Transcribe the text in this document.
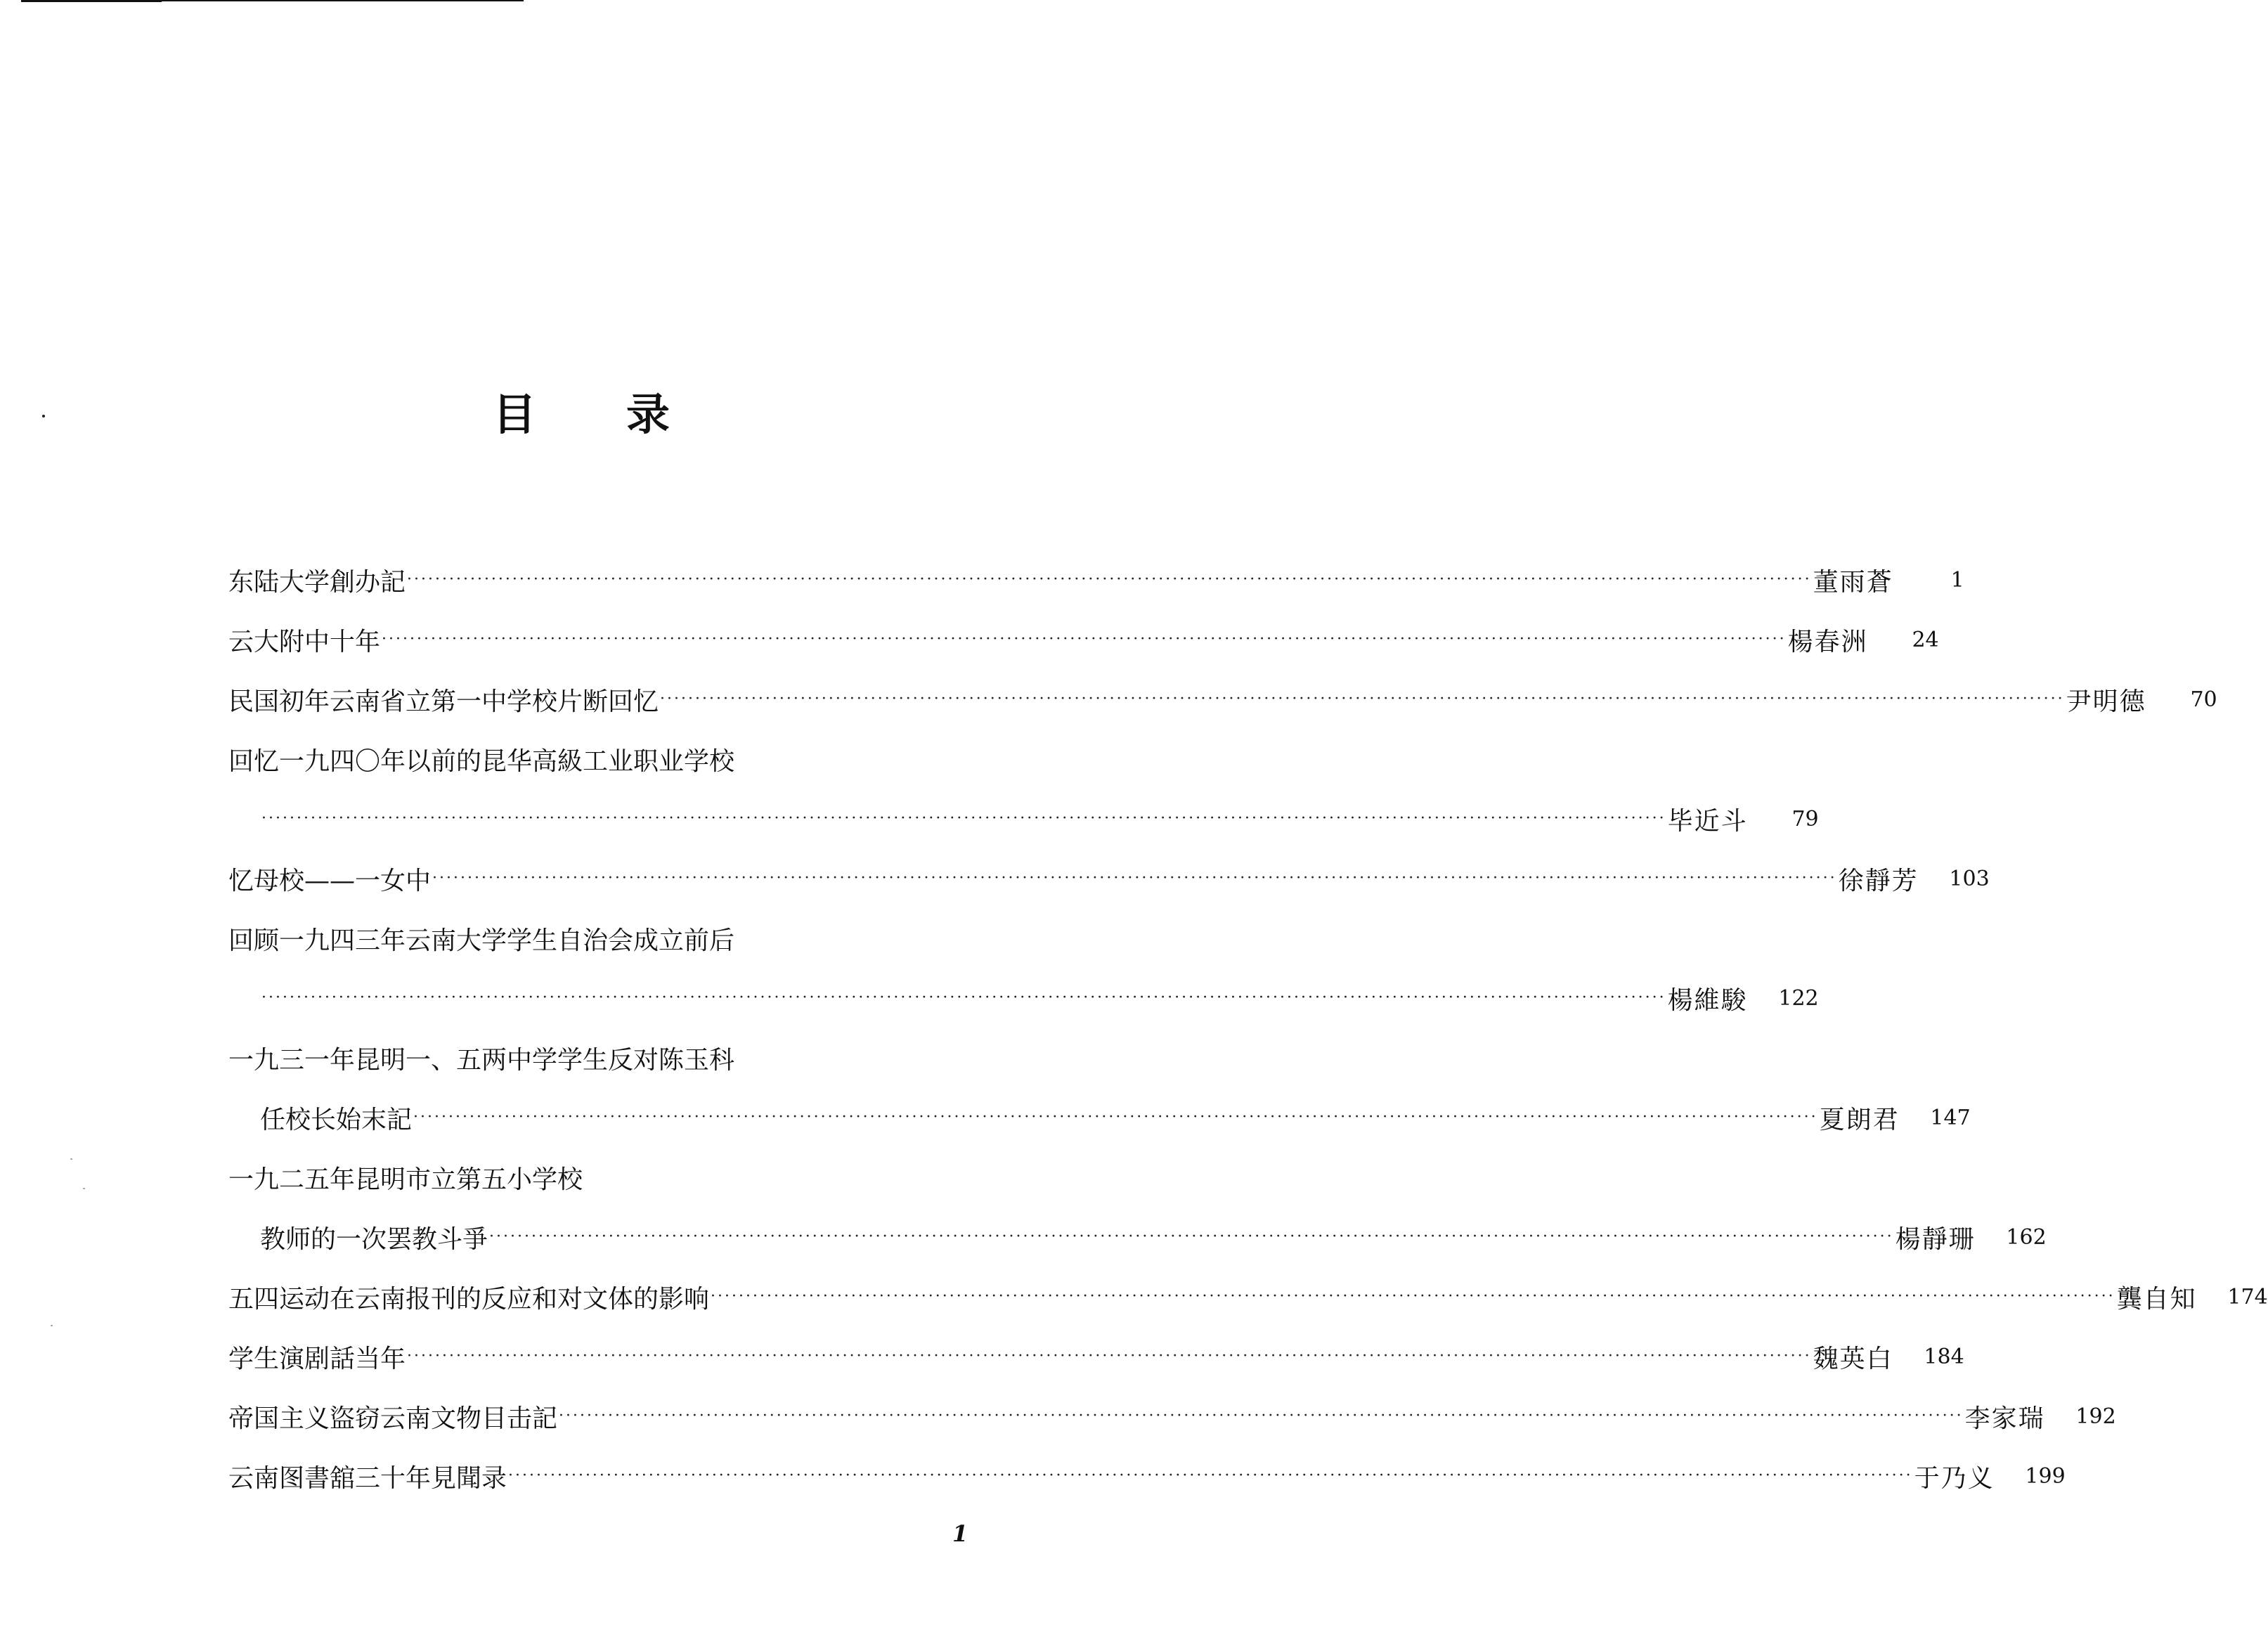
目 录
东陆大学創办記 ········································································································································································································ 董雨蒼	1
云大附中十年 ········································································································································································································ 楊春洲	24
民国初年云南省立第一中学校片断回忆 ········································································································································································································ 尹明德	70
回忆一九四〇年以前的昆华高級工业职业学校
········································································································································································································ 毕近斗	79
忆母校——一女中 ········································································································································································································ 徐靜芳	103
回顾一九四三年云南大学学生自治会成立前后
········································································································································································································ 楊維駿	122
一九三一年昆明一、五两中学学生反对陈玉科
任校长始末記 ········································································································································································································ 夏朗君	147
一九二五年昆明市立第五小学校
教师的一次罢教斗爭 ········································································································································································································ 楊靜珊	162
五四运动在云南报刊的反应和对文体的影响 ········································································································································································································ 龔自知	174
学生演剧話当年 ········································································································································································································ 魏英白	184
帝国主义盜窃云南文物目击記 ········································································································································································································ 李家瑞	192
云南图書舘三十年見聞录 ········································································································································································································ 于乃义	199
1
